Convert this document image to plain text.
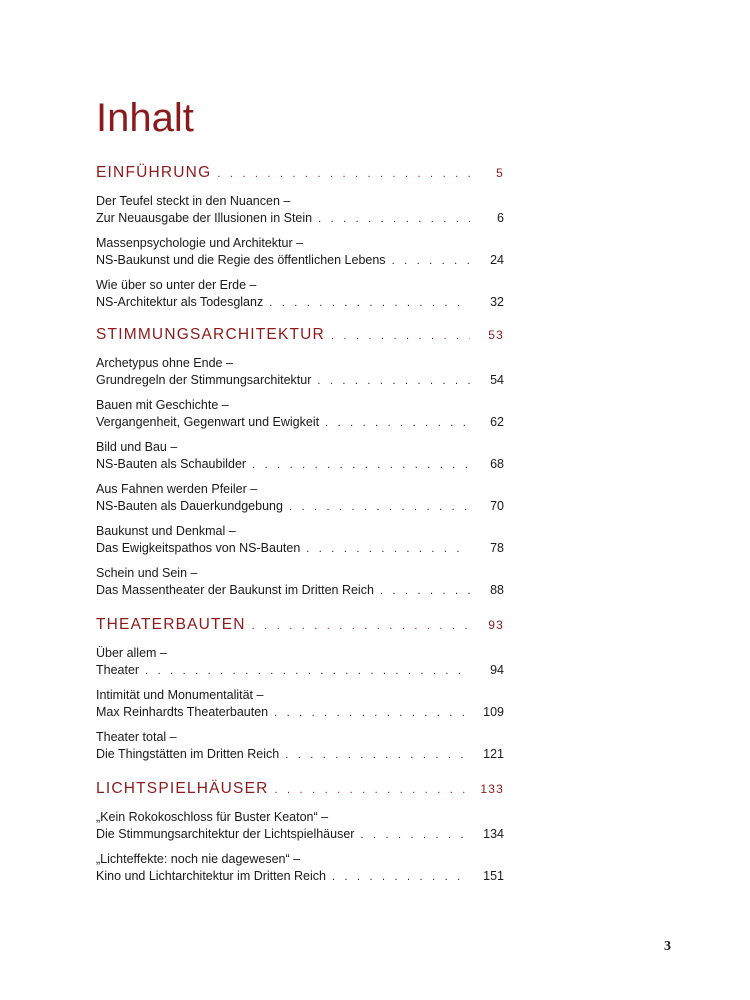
Inhalt
EINFÜHRUNG . . .	5
Der Teufel steckt in den Nuancen –
Zur Neuausgabe der Illusionen in Stein . . .	6
Massenpsychologie und Architektur –
NS-Baukunst und die Regie des öffentlichen Lebens . . .	24
Wie über so unter der Erde –
NS-Architektur als Todesglanz . . .	32
STIMMUNGSARCHITEKTUR . . .	53
Archetypus ohne Ende –
Grundregeln der Stimmungsarchitektur . . .	54
Bauen mit Geschichte –
Vergangenheit, Gegenwart und Ewigkeit . . .	62
Bild und Bau –
NS-Bauten als Schaubilder . . .	68
Aus Fahnen werden Pfeiler –
NS-Bauten als Dauerkundgebung . . .	70
Baukunst und Denkmal –
Das Ewigkeitspathos von NS-Bauten . . .	78
Schein und Sein –
Das Massentheater der Baukunst im Dritten Reich . . .	88
THEATERBAUTEN . . .	93
Über allem –
Theater . . .	94
Intimität und Monumentalität –
Max Reinhardts Theaterbauten . . .	109
Theater total –
Die Thingstätten im Dritten Reich . . .	121
LICHTSPIELHÄUSER . . .	133
„Kein Rokokoschloss für Buster Keaton“ –
Die Stimmungsarchitektur der Lichtspielhäuser . . .	134
„Lichteffekte: noch nie dagewesen“ –
Kino und Lichtarchitektur im Dritten Reich . . .	151
3
